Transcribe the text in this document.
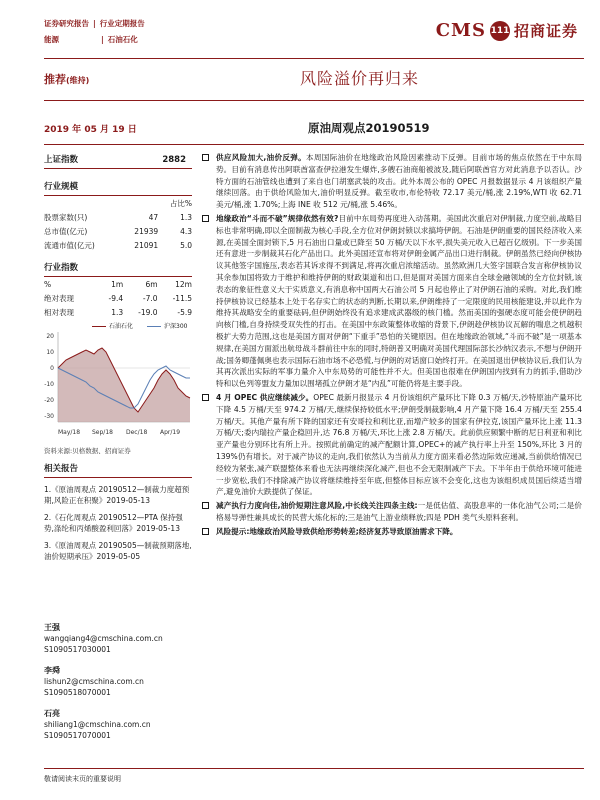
证券研究报告 | 行业定期报告
能源	| 石油石化	CMS 111 招商证券
推荐(维持)	风险溢价再归来
2019 年 05 月 19 日	原油周观点20190519
上证指数	2882
行业规模
		占比%
股票家数(只)	47	1.3
总市值(亿元)	21939	4.3
流通市值(亿元)	21091	5.0
行业指数
%	1m	6m	12m
绝对表现	-9.4	-7.0	-11.5
相对表现	1.3	-19.0	-5.9
石油石化	沪深300
20
10
0
-10
-20
-30
May/18 Sep/18 Dec/18 Apr/19
资料来源:贝格数据、招商证券
相关报告
1.《原油周观点 20190512—制裁力度超预期,风险正在积聚》2019-05-13
2.《石化周观点 20190512—PTA 保持强势,涤纶和丙烯酸盈利回落》2019-05-13
3.《原油周观点 20190505—制裁预期落地,油价短期承压》2019-05-05
王强
wangqiang4@cmschina.com.cn
S1090517030001
李舜
lishun2@cmschina.com.cn
S1090518070001
石亮
shiliang1@cmschina.com.cn
S1090517070001
供应风险加大,油价反弹。本周国际油价在地缘政治风险因素推动下反弹。目前市场的焦点依然在于中东局势。目前有消息传出阿联酋富查伊拉港发生爆炸,多艘石油商船被波及,随后阿联酋官方对此消息予以否认。沙特方面的石油管线也遭到了来自也门胡塞武装的攻击。此外本周公布的 OPEC 月报数据显示 4 月该组织产量继续回落。由于供给风险加大,油价明显反弹。截至收市,布伦特收 72.17 美元/桶,涨 2.19%,WTI 收 62.71 美元/桶,涨 1.70%;上海 INE 收 512 元/桶,涨 5.46%。
地缘政治“斗而不破”规律依然有效?目前中东局势再度进入动荡期。美国此次重启对伊制裁,力度空前,战略目标也非常明确,即以全面制裁为核心手段,全方位对伊朗封锁以求搞垮伊朗。石油是伊朗重要的国民经济收入来源,在美国全面封锁下,5 月石油出口量或已降至 50 万桶/天以下水平,损失美元收入已超百亿级别。下一步美国还有意进一步制裁其石化产品出口。此外美国还宣布将对伊朗金属产品出口进行制裁。伊朗虽然已经向伊核协议其他签字国施压,表态若其诉求得不到满足,将再次重启浓缩活动。虽然欧洲几大签字国联合发言称伊核协议其余参加国将致力于维护和维持伊朗的财政渠道和出口,但是面对美国方面来自全球金融领域的全方位封锁,该表态的象征性意义大于实质意义,有消息称中国两大石油公司 5 月起也停止了对伊朗石油的采购。对此,我们维持伊核协议已经基本上处于名存实亡的状态的判断,长期以来,伊朗维持了一定限度的民用核能建设,并以此作为维持其战略安全的重要砝码,但伊朗始终没有追求建成武器级的核门槛。然而美国的强硬态度可能会使伊朗趋向核门槛,自身持续受双失性的打击。在美国中东政策整体收缩的背景下,伊朗趁伊核协议瓦解的喘息之机越积极扩大势力范围,这也是美国方面对伊朗“下重手”恐怕的关键原因。但在地缘政治领域,“斗而不破”是一项基本规律,在美国方面派出航母战斗群前往中东的同时,特朗普又明确对美国代理国际部长沙纳汉表示,不想与伊朗开战;国务卿蓬佩奥也表示国际石油市场不必恐慌,与伊朗的对话窗口始终打开。在美国退出伊核协议后,我们认为其再次派出实际的军事力量介入中东局势的可能性并不大。但美国也很难在伊朗国内找到有力的抓手,借助沙特和以色列等盟友力量加以围堵孤立伊朗才是“内乱”可能仍将是主要手段。
4 月 OPEC 供应继续减少。OPEC 最新月报显示 4 月份该组织产量环比下降 0.3 万桶/天,沙特原油产量环比下降 4.5 万桶/天至 974.2 万桶/天,继续保持较低水平;伊朗受制裁影响,4 月产量下降 16.4 万桶/天至 255.4 万桶/天。其他产量有所下降的国家还有安哥拉和利比亚,而增产较多的国家有伊拉克,该国产量环比上涨 11.3 万桶/天;委内瑞拉产量企稳回升,达 76.8 万桶/天,环比上涨 2.8 万桶/天。此前供应频繁中断的尼日利亚和利比亚产量也分别环比有所上升。按照此前确定的减产配额计算,OPEC+的减产执行率上升至 150%,环比 3 月的 139%仍有增长。对于减产协议的走向,我们依然认为当前从力度方面来看必然边际效应递减,当前供给情况已经较为紧张,减产联盟整体来看也无法再继续深化减产,但也不会无限制减产下去。下半年由于供给环境可能进一步宽松,我们不排除减产协议将继续维持至年底,但整体目标应该不会变化,这也为该组织成员国后续适当增产,避免油价大跌提供了保证。
减产执行力度向佳,油价短期注意风险,中长线关注四条主线:一是低估值、高股息率的一体化油气公司;二是价格易导弹性兼具成长的民营大炼化标的;三是油气上游业绩释放;四是 PDH 类气头原料套利。
风险提示:地缘政治风险导致供给形势转差;经济复苏导致原油需求下降。
敬请阅读末页的重要说明
